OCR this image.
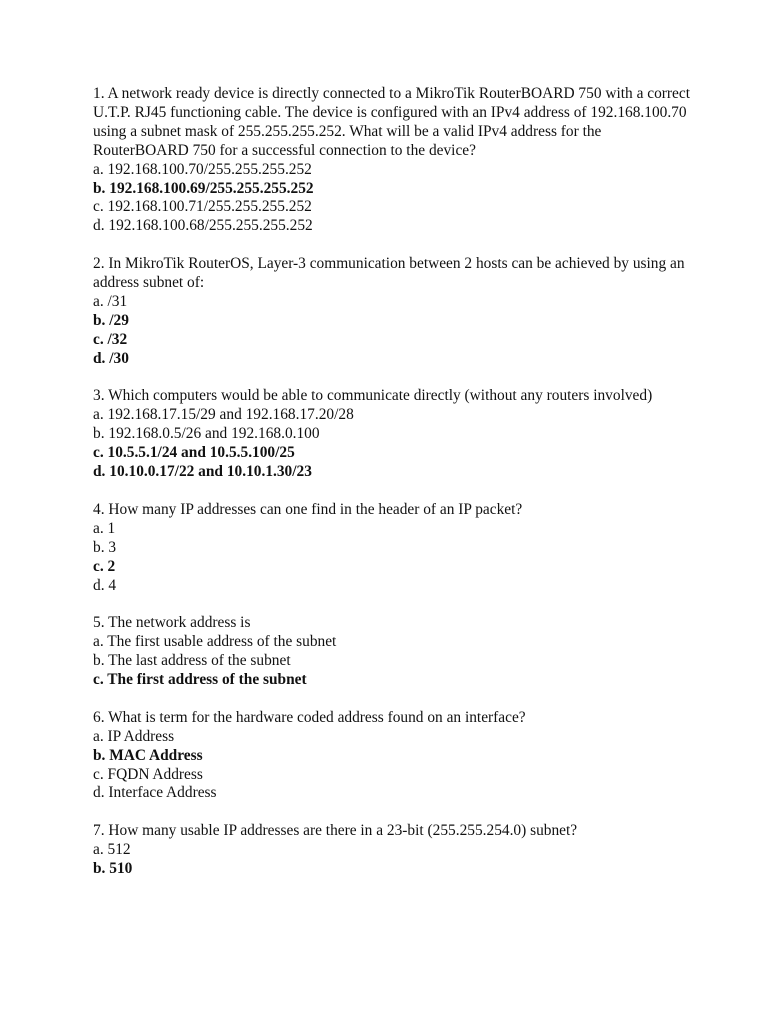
1. A network ready device is directly connected to a MikroTik RouterBOARD 750 with a correct U.T.P. RJ45 functioning cable. The device is configured with an IPv4 address of 192.168.100.70 using a subnet mask of 255.255.255.252. What will be a valid IPv4 address for the RouterBOARD 750 for a successful connection to the device?
a. 192.168.100.70/255.255.255.252
b. 192.168.100.69/255.255.255.252
c. 192.168.100.71/255.255.255.252
d. 192.168.100.68/255.255.255.252
2. In MikroTik RouterOS, Layer-3 communication between 2 hosts can be achieved by using an address subnet of:
a. /31
b. /29
c. /32
d. /30
3. Which computers would be able to communicate directly (without any routers involved)
a. 192.168.17.15/29 and 192.168.17.20/28
b. 192.168.0.5/26 and 192.168.0.100
c. 10.5.5.1/24 and 10.5.5.100/25
d. 10.10.0.17/22 and 10.10.1.30/23
4. How many IP addresses can one find in the header of an IP packet?
a. 1
b. 3
c. 2
d. 4
5. The network address is
a. The first usable address of the subnet
b. The last address of the subnet
c. The first address of the subnet
6. What is term for the hardware coded address found on an interface?
a. IP Address
b. MAC Address
c. FQDN Address
d. Interface Address
7. How many usable IP addresses are there in a 23-bit (255.255.254.0) subnet?
a. 512
b. 510
